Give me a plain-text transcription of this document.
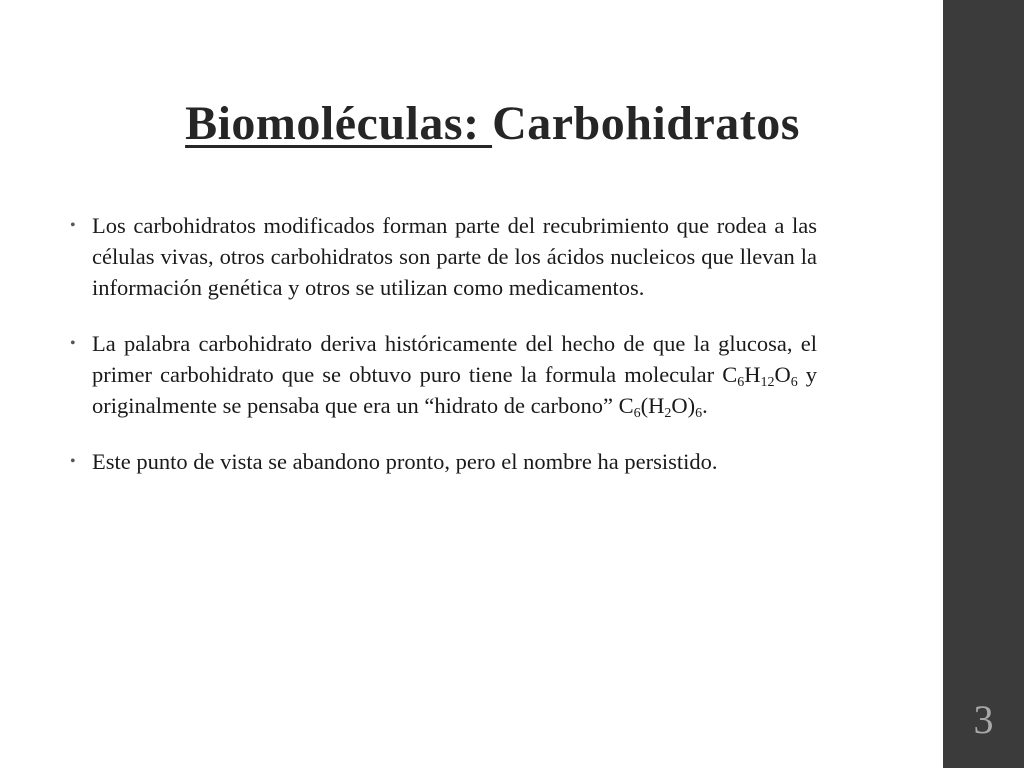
Biomoléculas: Carbohidratos
• Los carbohidratos modificados forman parte del recubrimiento que rodea a las células vivas, otros carbohidratos son parte de los ácidos nucleicos que llevan la información genética y otros se utilizan como medicamentos.
• La palabra carbohidrato deriva históricamente del hecho de que la glucosa, el primer carbohidrato que se obtuvo puro tiene la formula molecular $C_6H_{12}O_6$ y originalmente se pensaba que era un “hidrato de carbono” $C_6(H_2O)_6$.
• Este punto de vista se abandono pronto, pero el nombre ha persistido.
3
